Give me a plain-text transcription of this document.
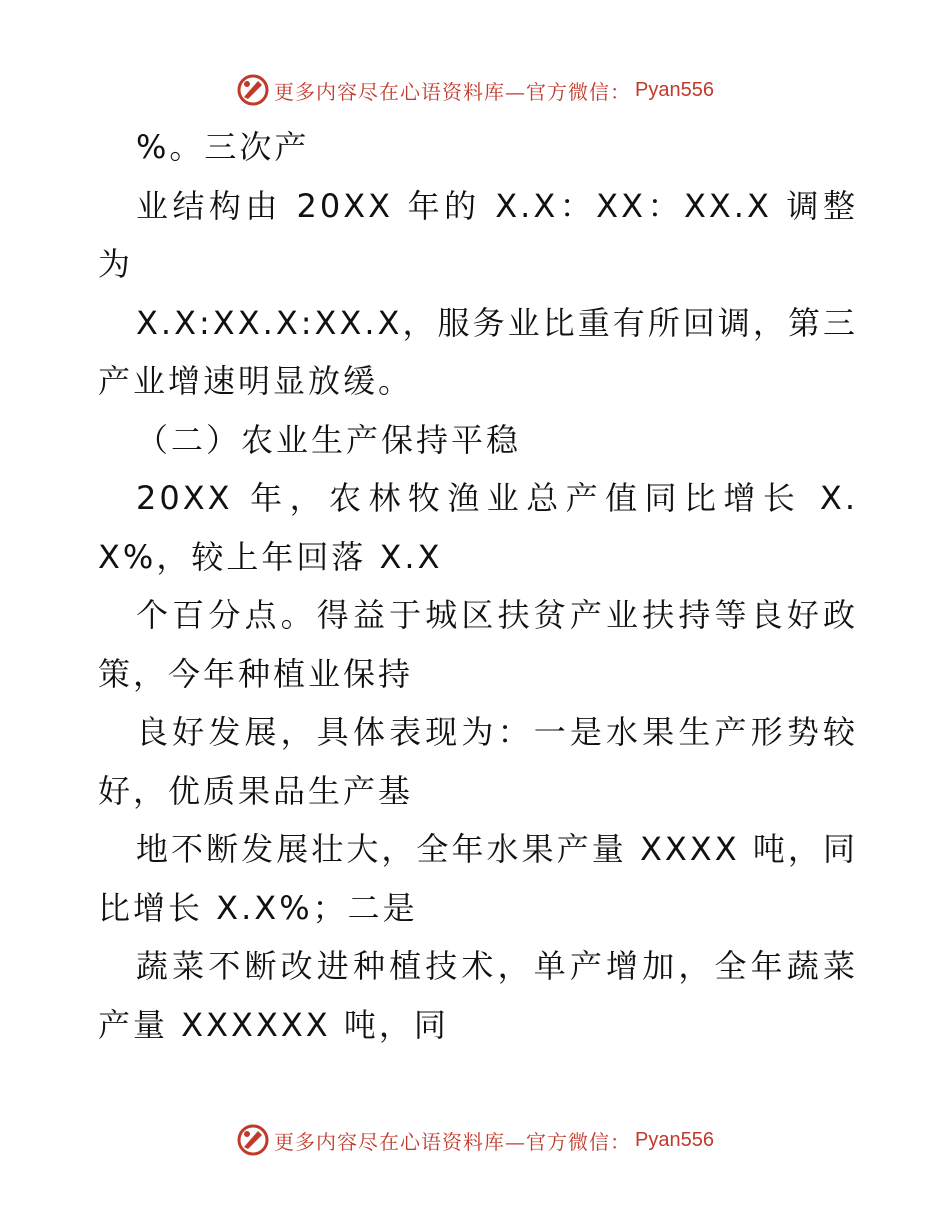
更多内容尽在心语资料库—官方微信： Pyan556

%。三次产

业结构由 20XX 年的 X.X：XX：XX.X 调整为

X.X:XX.X:XX.X，服务业比重有所回调，第三产业增速明显放缓。

（二）农业生产保持平稳

20XX 年，农林牧渔业总产值同比增长 X.X%，较上年回落 X.X

个百分点。得益于城区扶贫产业扶持等良好政策，今年种植业保持

良好发展，具体表现为：一是水果生产形势较好，优质果品生产基

地不断发展壮大，全年水果产量 XXXX 吨，同比增长 X.X%；二是

蔬菜不断改进种植技术，单产增加，全年蔬菜产量 XXXXXX 吨，同

更多内容尽在心语资料库—官方微信： Pyan556
